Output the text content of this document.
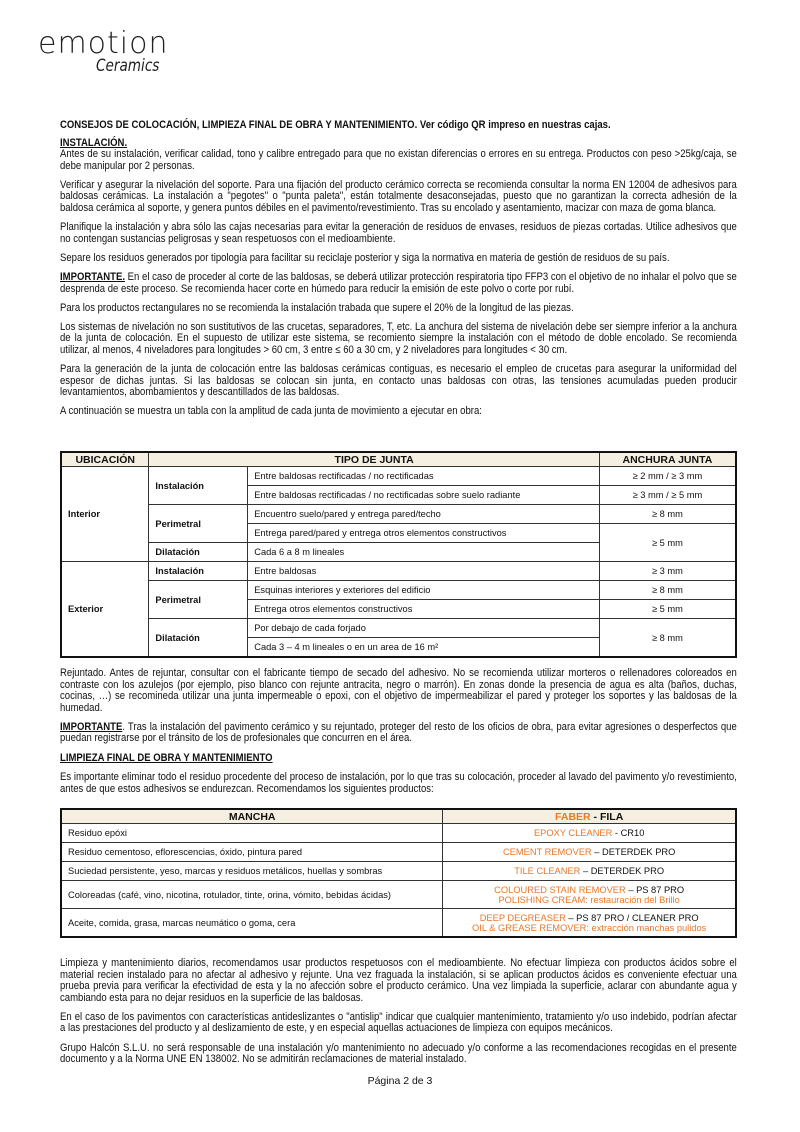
emotion
Ceramics

CONSEJOS DE COLOCACIÓN, LIMPIEZA FINAL DE OBRA Y MANTENIMIENTO. Ver código QR impreso en nuestras cajas.

INSTALACIÓN.

Antes de su instalación, verificar calidad, tono y calibre entregado para que no existan diferencias o errores en su entrega. Productos con peso >25kg/caja, se debe manipular por 2 personas.

Verificar y asegurar la nivelación del soporte. Para una fijación del producto cerámico correcta se recomienda consultar la norma EN 12004 de adhesivos para baldosas cerámicas. La instalación a "pegotes" o "punta paleta", están totalmente desaconsejadas, puesto que no garantizan la correcta adhesión de la baldosa cerámica al soporte, y genera puntos débiles en el pavimento/revestimiento. Tras su encolado y asentamiento, macizar con maza de goma blanca.

Planifique la instalación y abra sólo las cajas necesarias para evitar la generación de residuos de envases, residuos de piezas cortadas. Utilice adhesivos que no contengan sustancias peligrosas y sean respetuosos con el medioambiente.

Separe los residuos generados por tipología para facilitar su reciclaje posterior y siga la normativa en materia de gestión de residuos de su país.

IMPORTANTE. En el caso de proceder al corte de las baldosas, se deberá utilizar protección respiratoria tipo FFP3 con el objetivo de no inhalar el polvo que se desprenda de este proceso. Se recomienda hacer corte en húmedo para reducir la emisión de este polvo o corte por rubí.

Para los productos rectangulares no se recomienda la instalación trabada que supere el 20% de la longitud de las piezas.

Los sistemas de nivelación no son sustitutivos de las crucetas, separadores, T, etc. La anchura del sistema de nivelación debe ser siempre inferior a la anchura de la junta de colocación. En el supuesto de utilizar este sistema, se recomiento siempre la instalación con el método de doble encolado. Se recomienda utilizar, al menos, 4 niveladores para longitudes > 60 cm, 3 entre ≤ 60 a 30 cm, y 2 niveladores para longitudes < 30 cm.

Para la generación de la junta de colocación entre las baldosas cerámicas contiguas, es necesario el empleo de crucetas para asegurar la uniformidad del espesor de dichas juntas. Si las baldosas se colocan sin junta, en contacto unas baldosas con otras, las tensiones acumuladas pueden producir levantamientos, abombamientos y descantillados de las baldosas.

A continuación se muestra un tabla con la amplitud de cada junta de movimiento a ejecutar en obra:

UBICACIÓN	TIPO DE JUNTA		ANCHURA JUNTA
Interior	Instalación	Entre baldosas rectificadas / no rectificadas	≥ 2 mm / ≥ 3 mm
		Entre baldosas rectificadas / no rectificadas sobre suelo radiante	≥ 3 mm / ≥ 5 mm
	Perimetral	Encuentro suelo/pared y entrega pared/techo	≥ 8 mm
		Entrega pared/pared y entrega otros elementos constructivos	≥ 5 mm
	Dilatación	Cada 6 a 8 m lineales	
Exterior	Instalación	Entre baldosas	≥ 3 mm
	Perimetral	Esquinas interiores y exteriores del edificio	≥ 8 mm
		Entrega otros elementos constructivos	≥ 5 mm
	Dilatación	Por debajo de cada forjado	≥ 8 mm
		Cada 3 – 4 m lineales o en un area de 16 m²	

Rejuntado. Antes de rejuntar, consultar con el fabricante tiempo de secado del adhesivo. No se recomienda utilizar morteros o rellenadores coloreados en contraste con los azulejos (por ejemplo, piso blanco con rejunte antracita, negro o marrón). En zonas donde la presencia de agua es alta (baños, duchas, cocinas, …) se recomineda utilizar una junta impermeable o epoxi, con el objetivo de impermeabilizar el pared y proteger los soportes y las baldosas de la humedad.

IMPORTANTE. Tras la instalación del pavimento cerámico y su rejuntado, proteger del resto de los oficios de obra, para evitar agresiones o desperfectos que puedan registrarse por el tránsito de los de profesionales que concurren en el área.

LIMPIEZA FINAL DE OBRA Y MANTENIMIENTO

Es importante eliminar todo el residuo procedente del proceso de instalación, por lo que tras su colocación, proceder al lavado del pavimento y/o revestimiento, antes de que estos adhesivos se endurezcan. Recomendamos los siguientes productos:

MANCHA	FABER - FILA
Residuo epóxi	EPOXY CLEANER - CR10

Residuo cementoso, eflorescencias, óxido, pintura pared	CEMENT REMOVER – DETERDEK PRO

Suciedad persistente, yeso, marcas y residuos metálicos, huellas y sombras	TILE CLEANER – DETERDEK PRO

Coloreadas (café, vino, nicotina, rotulador, tinte, orina, vómito, bebidas ácidas)	COLOURED STAIN REMOVER – PS 87 PRO
POLISHING CREAM: restauración del Brillo

Aceite, comida, grasa, marcas neumático o goma, cera	DEEP DEGREASER – PS 87 PRO / CLEANER PRO
OIL & GREASE REMOVER: extracción manchas pulidos

Limpieza y mantenimiento diarios, recomendamos usar productos respetuosos con el medioambiente. No efectuar limpieza con productos ácidos sobre el material recien instalado para no afectar al adhesivo y rejunte. Una vez fraguada la instalación, si se aplican productos ácidos es conveniente efectuar una prueba previa para verificar la efectividad de esta y la no afección sobre el producto cerámico. Una vez limpiada la superficie, aclarar con abundante agua y cambiando esta para no dejar residuos en la superficie de las baldosas.

En el caso de los pavimentos con características antideslizantes o "antislip" indicar que cualquier mantenimiento, tratamiento y/o uso indebido, podrían afectar a las prestaciones del producto y al deslizamiento de este, y en especial aquellas actuaciones de limpieza con equipos mecánicos.

Grupo Halcón S.L.U. no será responsable de una instalación y/o mantenimiento no adecuado y/o conforme a las recomendaciones recogidas en el presente documento y a la Norma UNE EN 138002. No se admitirán reclamaciones de material instalado.

Página 2 de 3
